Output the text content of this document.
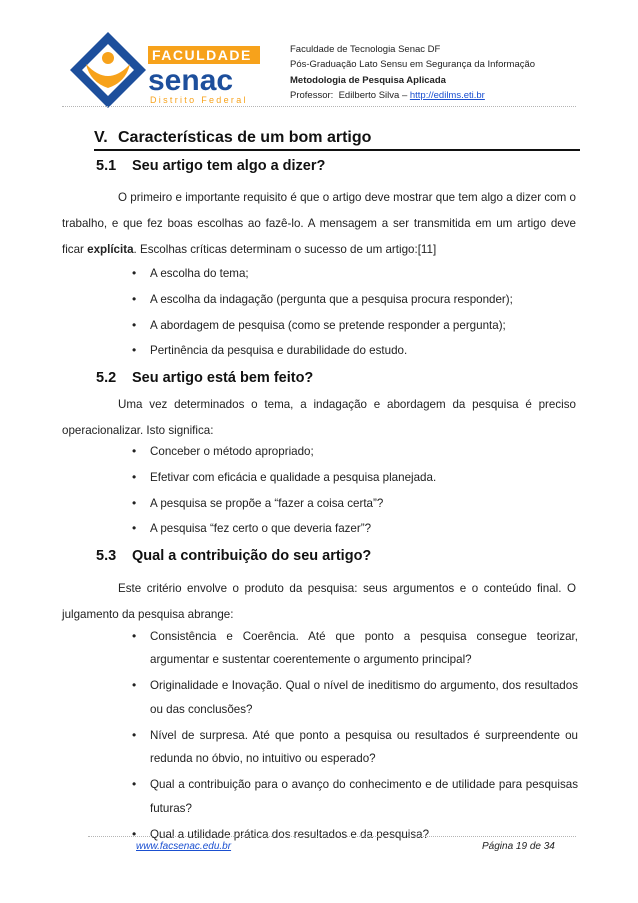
FACULDADE
senac
Distrito Federal
Faculdade de Tecnologia Senac DF
Pós-Graduação Lato Sensu em Segurança da Informação
Metodologia de Pesquisa Aplicada
Professor: Edilberto Silva – http://edilms.eti.br
V. Características de um bom artigo
5.1 Seu artigo tem algo a dizer?
O primeiro e importante requisito é que o artigo deve mostrar que tem algo a dizer com o trabalho, e que fez boas escolhas ao fazê-lo. A mensagem a ser transmitida em um artigo deve ficar explícita. Escolhas críticas determinam o sucesso de um artigo:[11]
• A escolha do tema;
• A escolha da indagação (pergunta que a pesquisa procura responder);
• A abordagem de pesquisa (como se pretende responder a pergunta);
• Pertinência da pesquisa e durabilidade do estudo.
5.2 Seu artigo está bem feito?
Uma vez determinados o tema, a indagação e abordagem da pesquisa é preciso operacionalizar. Isto significa:
• Conceber o método apropriado;
• Efetivar com eficácia e qualidade a pesquisa planejada.
• A pesquisa se propõe a “fazer a coisa certa”?
• A pesquisa “fez certo o que deveria fazer”?
5.3 Qual a contribuição do seu artigo?
Este critério envolve o produto da pesquisa: seus argumentos e o conteúdo final. O julgamento da pesquisa abrange:
• Consistência e Coerência. Até que ponto a pesquisa consegue teorizar, argumentar e sustentar coerentemente o argumento principal?
• Originalidade e Inovação. Qual o nível de ineditismo do argumento, dos resultados ou das conclusões?
• Nível de surpresa. Até que ponto a pesquisa ou resultados é surpreendente ou redunda no óbvio, no intuitivo ou esperado?
• Qual a contribuição para o avanço do conhecimento e de utilidade para pesquisas futuras?
• Qual a utilidade prática dos resultados e da pesquisa?
www.facsenac.edu.br	Página 19 de 34
